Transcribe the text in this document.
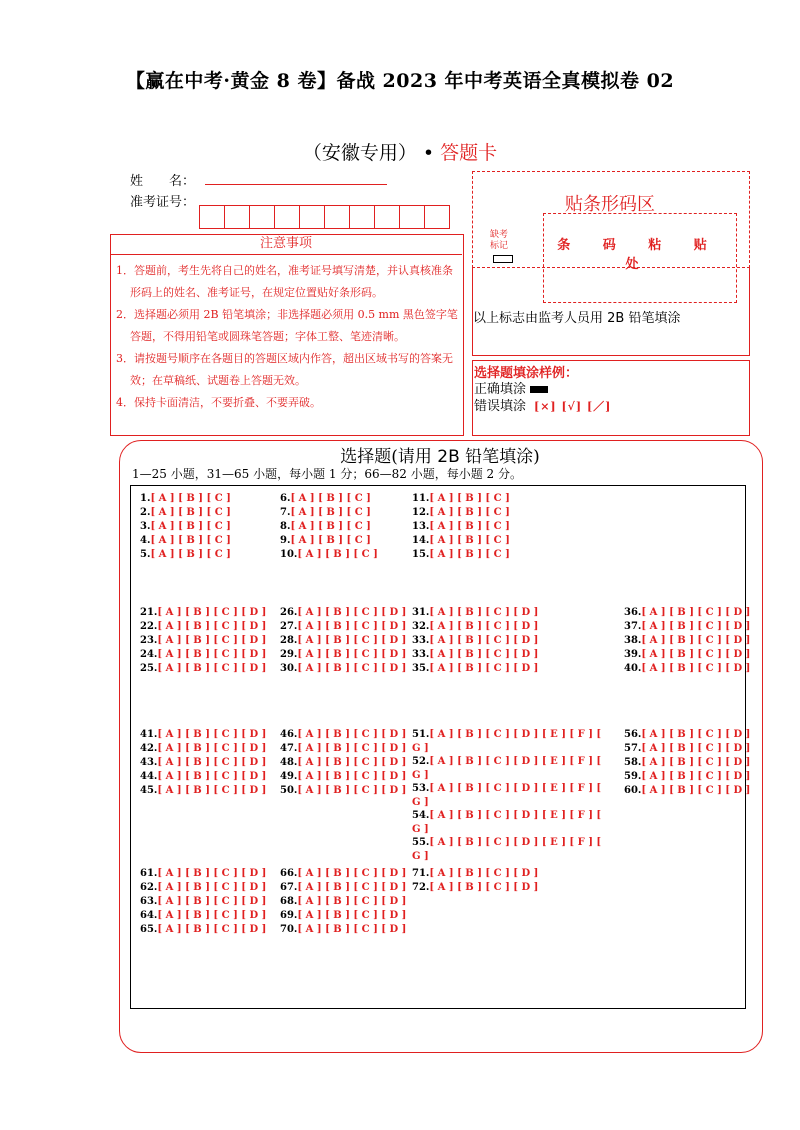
【赢在中考·黄金 8 卷】备战 2023 年中考英语全真模拟卷 02
（安徽专用） • 答题卡
姓　　名：
准考证号：
注意事项

1．答题前，考生先将自己的姓名，准考证号填写清楚，并认真核准条形码上的姓名、准考证号，在规定位置贴好条形码。

2．选择题必须用 2B 铅笔填涂；非选择题必须用 0.5 mm 黑色签字笔答题，不得用铅笔或圆珠笔答题；字体工整、笔迹清晰。

3．请按题号顺序在各题目的答题区域内作答，超出区域书写的答案无效；在草稿纸、试题卷上答题无效。

4．保持卡面清洁，不要折叠、不要弄破。

贴条形码区
条 码 粘 贴 处
缺考标记
以上标志由监考人员用 2B 铅笔填涂
选择题填涂样例：
正确填涂
错误填涂 [×] [√] [／]
选择题(请用 2B 铅笔填涂)
1—25 小题，31—65 小题，每小题 1 分；66—82 小题，每小题 2 分。
1.[ A ] [ B ] [ C ]
2.[ A ] [ B ] [ C ]
3.[ A ] [ B ] [ C ]
4.[ A ] [ B ] [ C ]
5.[ A ] [ B ] [ C ]
6.[ A ] [ B ] [ C ]
7.[ A ] [ B ] [ C ]
8.[ A ] [ B ] [ C ]
9.[ A ] [ B ] [ C ]
10.[ A ] [ B ] [ C ]
11.[ A ] [ B ] [ C ]
12.[ A ] [ B ] [ C ]
13.[ A ] [ B ] [ C ]
14.[ A ] [ B ] [ C ]
15.[ A ] [ B ] [ C ]
21.[ A ] [ B ] [ C ] [ D ]
22.[ A ] [ B ] [ C ] [ D ]
23.[ A ] [ B ] [ C ] [ D ]
24.[ A ] [ B ] [ C ] [ D ]
25.[ A ] [ B ] [ C ] [ D ]
26.[ A ] [ B ] [ C ] [ D ]
27.[ A ] [ B ] [ C ] [ D ]
28.[ A ] [ B ] [ C ] [ D ]
29.[ A ] [ B ] [ C ] [ D ]
30.[ A ] [ B ] [ C ] [ D ]
31.[ A ] [ B ] [ C ] [ D ]
32.[ A ] [ B ] [ C ] [ D ]
33.[ A ] [ B ] [ C ] [ D ]
33.[ A ] [ B ] [ C ] [ D ]
35.[ A ] [ B ] [ C ] [ D ]
36.[ A ] [ B ] [ C ] [ D ]
37.[ A ] [ B ] [ C ] [ D ]
38.[ A ] [ B ] [ C ] [ D ]
39.[ A ] [ B ] [ C ] [ D ]
40.[ A ] [ B ] [ C ] [ D ]
41.[ A ] [ B ] [ C ] [ D ]
42.[ A ] [ B ] [ C ] [ D ]
43.[ A ] [ B ] [ C ] [ D ]
44.[ A ] [ B ] [ C ] [ D ]
45.[ A ] [ B ] [ C ] [ D ]
46.[ A ] [ B ] [ C ] [ D ]
47.[ A ] [ B ] [ C ] [ D ]
48.[ A ] [ B ] [ C ] [ D ]
49.[ A ] [ B ] [ C ] [ D ]
50.[ A ] [ B ] [ C ] [ D ]
51.[ A ] [ B ] [ C ] [ D ] [ E ] [ F ] [
G ]
52.[ A ] [ B ] [ C ] [ D ] [ E ] [ F ] [
G ]
53.[ A ] [ B ] [ C ] [ D ] [ E ] [ F ] [
G ]
54.[ A ] [ B ] [ C ] [ D ] [ E ] [ F ] [
G ]
55.[ A ] [ B ] [ C ] [ D ] [ E ] [ F ] [
G ]
56.[ A ] [ B ] [ C ] [ D ]
57.[ A ] [ B ] [ C ] [ D ]
58.[ A ] [ B ] [ C ] [ D ]
59.[ A ] [ B ] [ C ] [ D ]
60.[ A ] [ B ] [ C ] [ D ]
61.[ A ] [ B ] [ C ] [ D ]
62.[ A ] [ B ] [ C ] [ D ]
63.[ A ] [ B ] [ C ] [ D ]
64.[ A ] [ B ] [ C ] [ D ]
65.[ A ] [ B ] [ C ] [ D ]
66.[ A ] [ B ] [ C ] [ D ]
67.[ A ] [ B ] [ C ] [ D ]
68.[ A ] [ B ] [ C ] [ D ]
69.[ A ] [ B ] [ C ] [ D ]
70.[ A ] [ B ] [ C ] [ D ]
71.[ A ] [ B ] [ C ] [ D ]
72.[ A ] [ B ] [ C ] [ D ]
